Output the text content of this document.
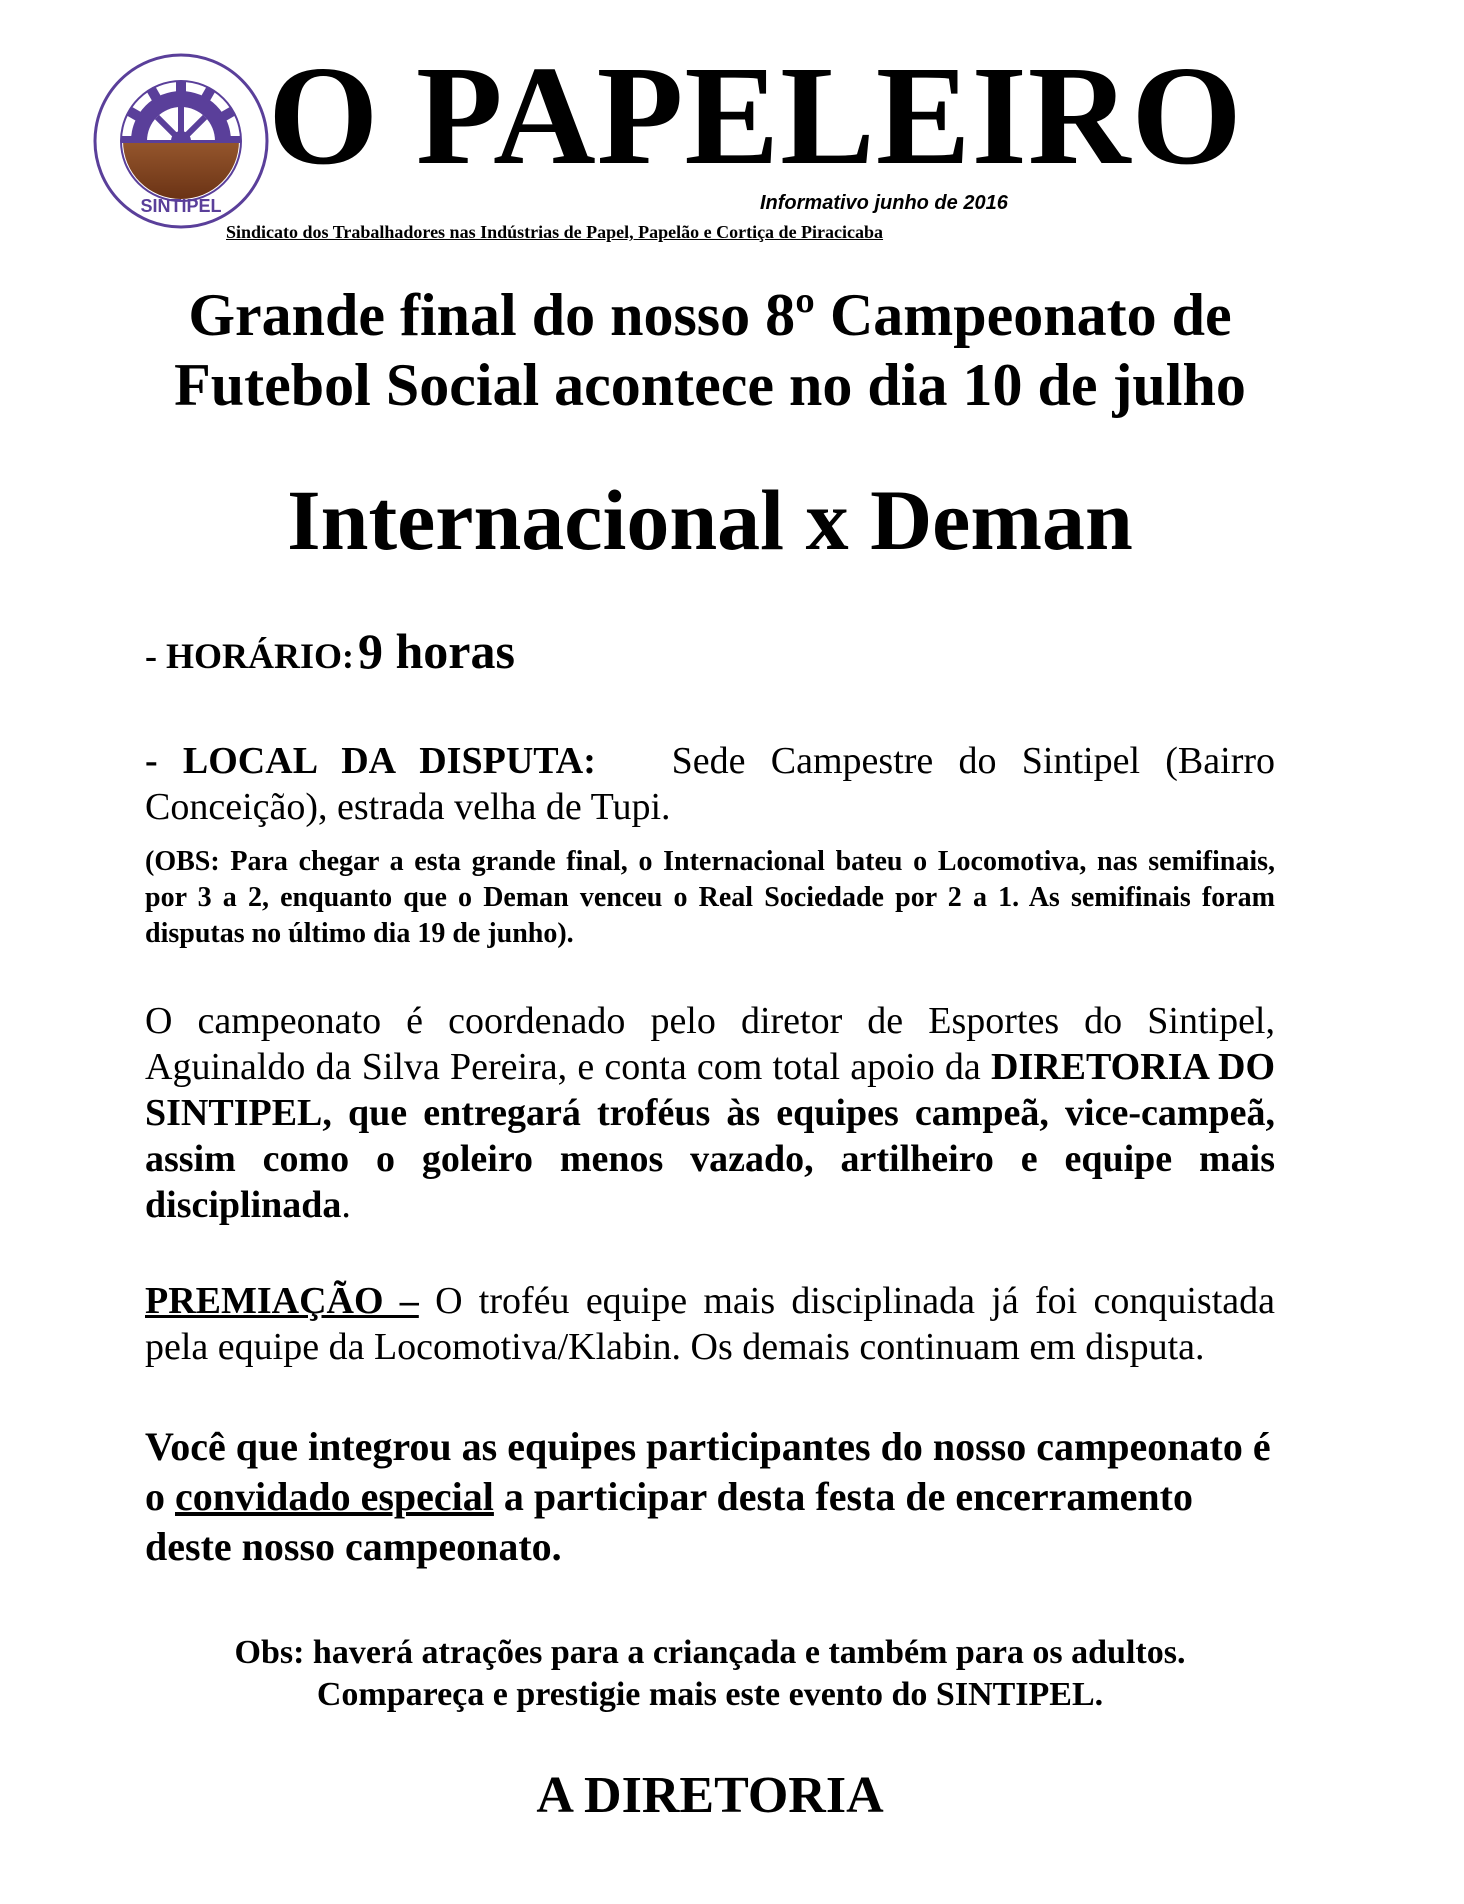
SINTIPEL
O PAPELEIRO
Informativo junho de 2016
Sindicato dos Trabalhadores nas Indústrias de Papel, Papelão e Cortiça de Piracicaba
Grande final do nosso 8º Campeonato de
Futebol Social acontece no dia 10 de julho
Internacional x Deman
- HORÁRIO: 9 horas
- LOCAL DA DISPUTA: Sede Campestre do Sintipel (Bairro Conceição), estrada velha de Tupi.
(OBS: Para chegar a esta grande final, o Internacional bateu o Locomotiva, nas semifinais, por 3 a 2, enquanto que o Deman venceu o Real Sociedade por 2 a 1. As semifinais foram disputas no último dia 19 de junho).
O campeonato é coordenado pelo diretor de Esportes do Sintipel, Aguinaldo da Silva Pereira, e conta com total apoio da DIRETORIA DO SINTIPEL, que entregará troféus às equipes campeã, vice-campeã, assim como o goleiro menos vazado, artilheiro e equipe mais disciplinada.
PREMIAÇÃO – O troféu equipe mais disciplinada já foi conquistada pela equipe da Locomotiva/Klabin. Os demais continuam em disputa.
Você que integrou as equipes participantes do nosso campeonato é o convidado especial a participar desta festa de encerramento deste nosso campeonato.
Obs: haverá atrações para a criançada e também para os adultos.
Compareça e prestigie mais este evento do SINTIPEL.
A DIRETORIA
